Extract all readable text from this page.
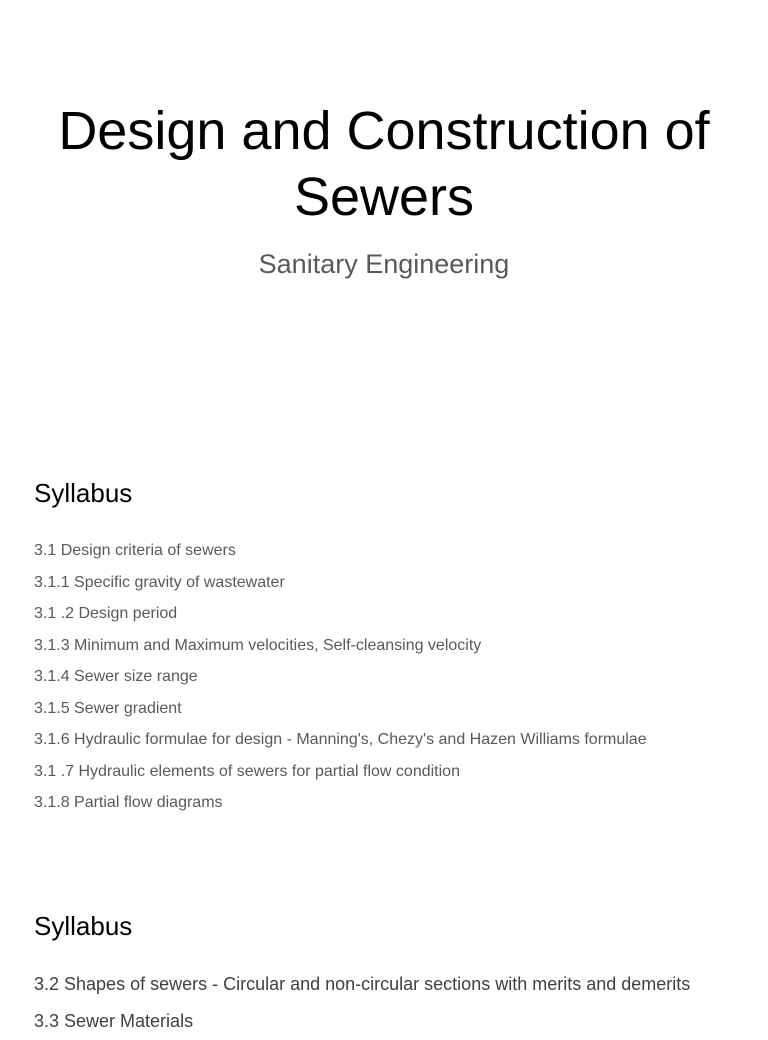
Design and Construction of
Sewers
Sanitary Engineering
Syllabus
3.1 Design criteria of sewers
3.1.1 Specific gravity of wastewater
3.1 .2 Design period
3.1.3 Minimum and Maximum velocities, Self-cleansing velocity
3.1.4 Sewer size range
3.1.5 Sewer gradient
3.1.6 Hydraulic formulae for design - Manning's, Chezy's and Hazen Williams formulae
3.1 .7 Hydraulic elements of sewers for partial flow condition
3.1.8 Partial flow diagrams
Syllabus
3.2 Shapes of sewers - Circular and non-circular sections with merits and demerits
3.3 Sewer Materials
